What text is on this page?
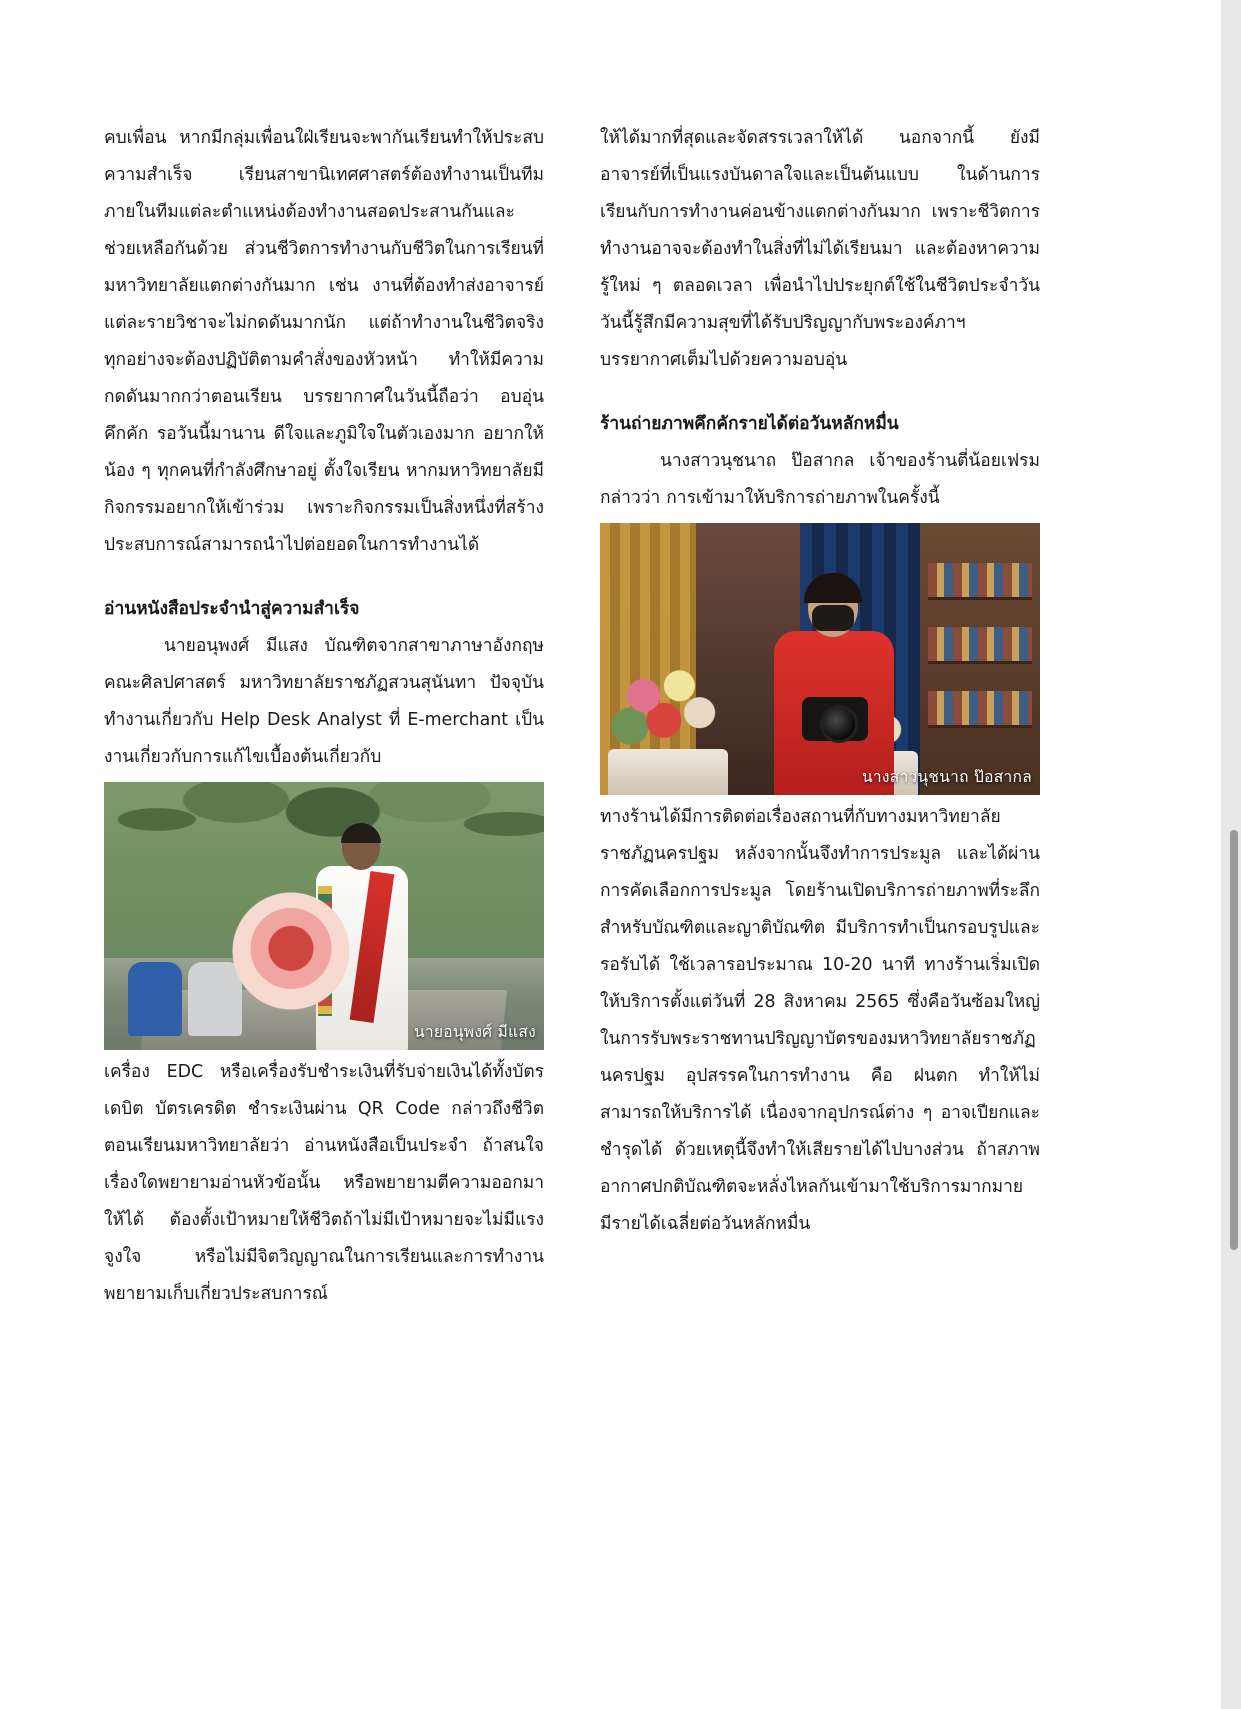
คบเพื่อน หากมีกลุ่มเพื่อนใฝ่เรียนจะพากันเรียนทำให้ประสบความสำเร็จ เรียนสาขานิเทศศาสตร์ต้องทำงานเป็นทีม ภายในทีมแต่ละตำแหน่งต้องทำงานสอดประสานกันและช่วยเหลือกันด้วย ส่วนชีวิตการทำงานกับชีวิตในการเรียนที่มหาวิทยาลัยแตกต่างกันมาก เช่น งานที่ต้องทำส่งอาจารย์แต่ละรายวิชาจะไม่กดดันมากนัก แต่ถ้าทำงานในชีวิตจริงทุกอย่างจะต้องปฏิบัติตามคำสั่งของหัวหน้า ทำให้มีความกดดันมากกว่าตอนเรียน บรรยากาศในวันนี้ถือว่า อบอุ่น คึกคัก รอวันนี้มานาน ดีใจและภูมิใจในตัวเองมาก อยากให้น้อง ๆ ทุกคนที่กำลังศึกษาอยู่ ตั้งใจเรียน หากมหาวิทยาลัยมีกิจกรรมอยากให้เข้าร่วม เพราะกิจกรรมเป็นสิ่งหนึ่งที่สร้างประสบการณ์สามารถนำไปต่อยอดในการทำงานได้

อ่านหนังสือประจำนำสู่ความสำเร็จ

นายอนุพงศ์ มีแสง บัณฑิตจากสาขาภาษาอังกฤษ คณะศิลปศาสตร์ มหาวิทยาลัยราชภัฏสวนสุนันทา ปัจจุบันทำงานเกี่ยวกับ Help Desk Analyst ที่ E-merchant เป็นงานเกี่ยวกับการแก้ไขเบื้องต้นเกี่ยวกับ

นายอนุพงศ์ มีแสง

เครื่อง EDC หรือเครื่องรับชำระเงินที่รับจ่ายเงินได้ทั้งบัตรเดบิต บัตรเครดิต ชำระเงินผ่าน QR Code กล่าวถึงชีวิตตอนเรียนมหาวิทยาลัยว่า อ่านหนังสือเป็นประจำ ถ้าสนใจเรื่องใดพยายามอ่านหัวข้อนั้น หรือพยายามตีความออกมาให้ได้ ต้องตั้งเป้าหมายให้ชีวิตถ้าไม่มีเป้าหมายจะไม่มีแรงจูงใจ หรือไม่มีจิตวิญญาณในการเรียนและการทำงาน พยายามเก็บเกี่ยวประสบการณ์

ให้ได้มากที่สุดและจัดสรรเวลาให้ได้ นอกจากนี้ ยังมีอาจารย์ที่เป็นแรงบันดาลใจและเป็นต้นแบบ ในด้านการเรียนกับการทำงานค่อนข้างแตกต่างกันมาก เพราะชีวิตการทำงานอาจจะต้องทำในสิ่งที่ไม่ได้เรียนมา และต้องหาความรู้ใหม่ ๆ ตลอดเวลา เพื่อนำไปประยุกต์ใช้ในชีวิตประจำวัน วันนี้รู้สึกมีความสุขที่ได้รับปริญญากับพระองค์ภาฯ บรรยากาศเต็มไปด้วยความอบอุ่น

ร้านถ่ายภาพคึกคักรายได้ต่อวันหลักหมื่น

นางสาวนุชนาถ ป๊อสากล เจ้าของร้านตี่น้อยเฟรม กล่าวว่า การเข้ามาให้บริการถ่ายภาพในครั้งนี้

นางสาวนุชนาถ ป๊อสากล

ทางร้านได้มีการติดต่อเรื่องสถานที่กับทางมหาวิทยาลัยราชภัฏนครปฐม หลังจากนั้นจึงทำการประมูล และได้ผ่านการคัดเลือกการประมูล โดยร้านเปิดบริการถ่ายภาพที่ระลึกสำหรับบัณฑิตและญาติบัณฑิต มีบริการทำเป็นกรอบรูปและรอรับได้ ใช้เวลารอประมาณ 10-20 นาที ทางร้านเริ่มเปิดให้บริการตั้งแต่วันที่ 28 สิงหาคม 2565 ซึ่งคือวันซ้อมใหญ่ในการรับพระราชทานปริญญาบัตรของมหาวิทยาลัยราชภัฏนครปฐม อุปสรรคในการทำงาน คือ ฝนตก ทำให้ไม่สามารถให้บริการได้ เนื่องจากอุปกรณ์ต่าง ๆ อาจเปียกและชำรุดได้ ด้วยเหตุนี้จึงทำให้เสียรายได้ไปบางส่วน ถ้าสภาพอากาศปกติบัณฑิตจะหลั่งไหลกันเข้ามาใช้บริการมากมาย มีรายได้เฉลี่ยต่อวันหลักหมื่น
